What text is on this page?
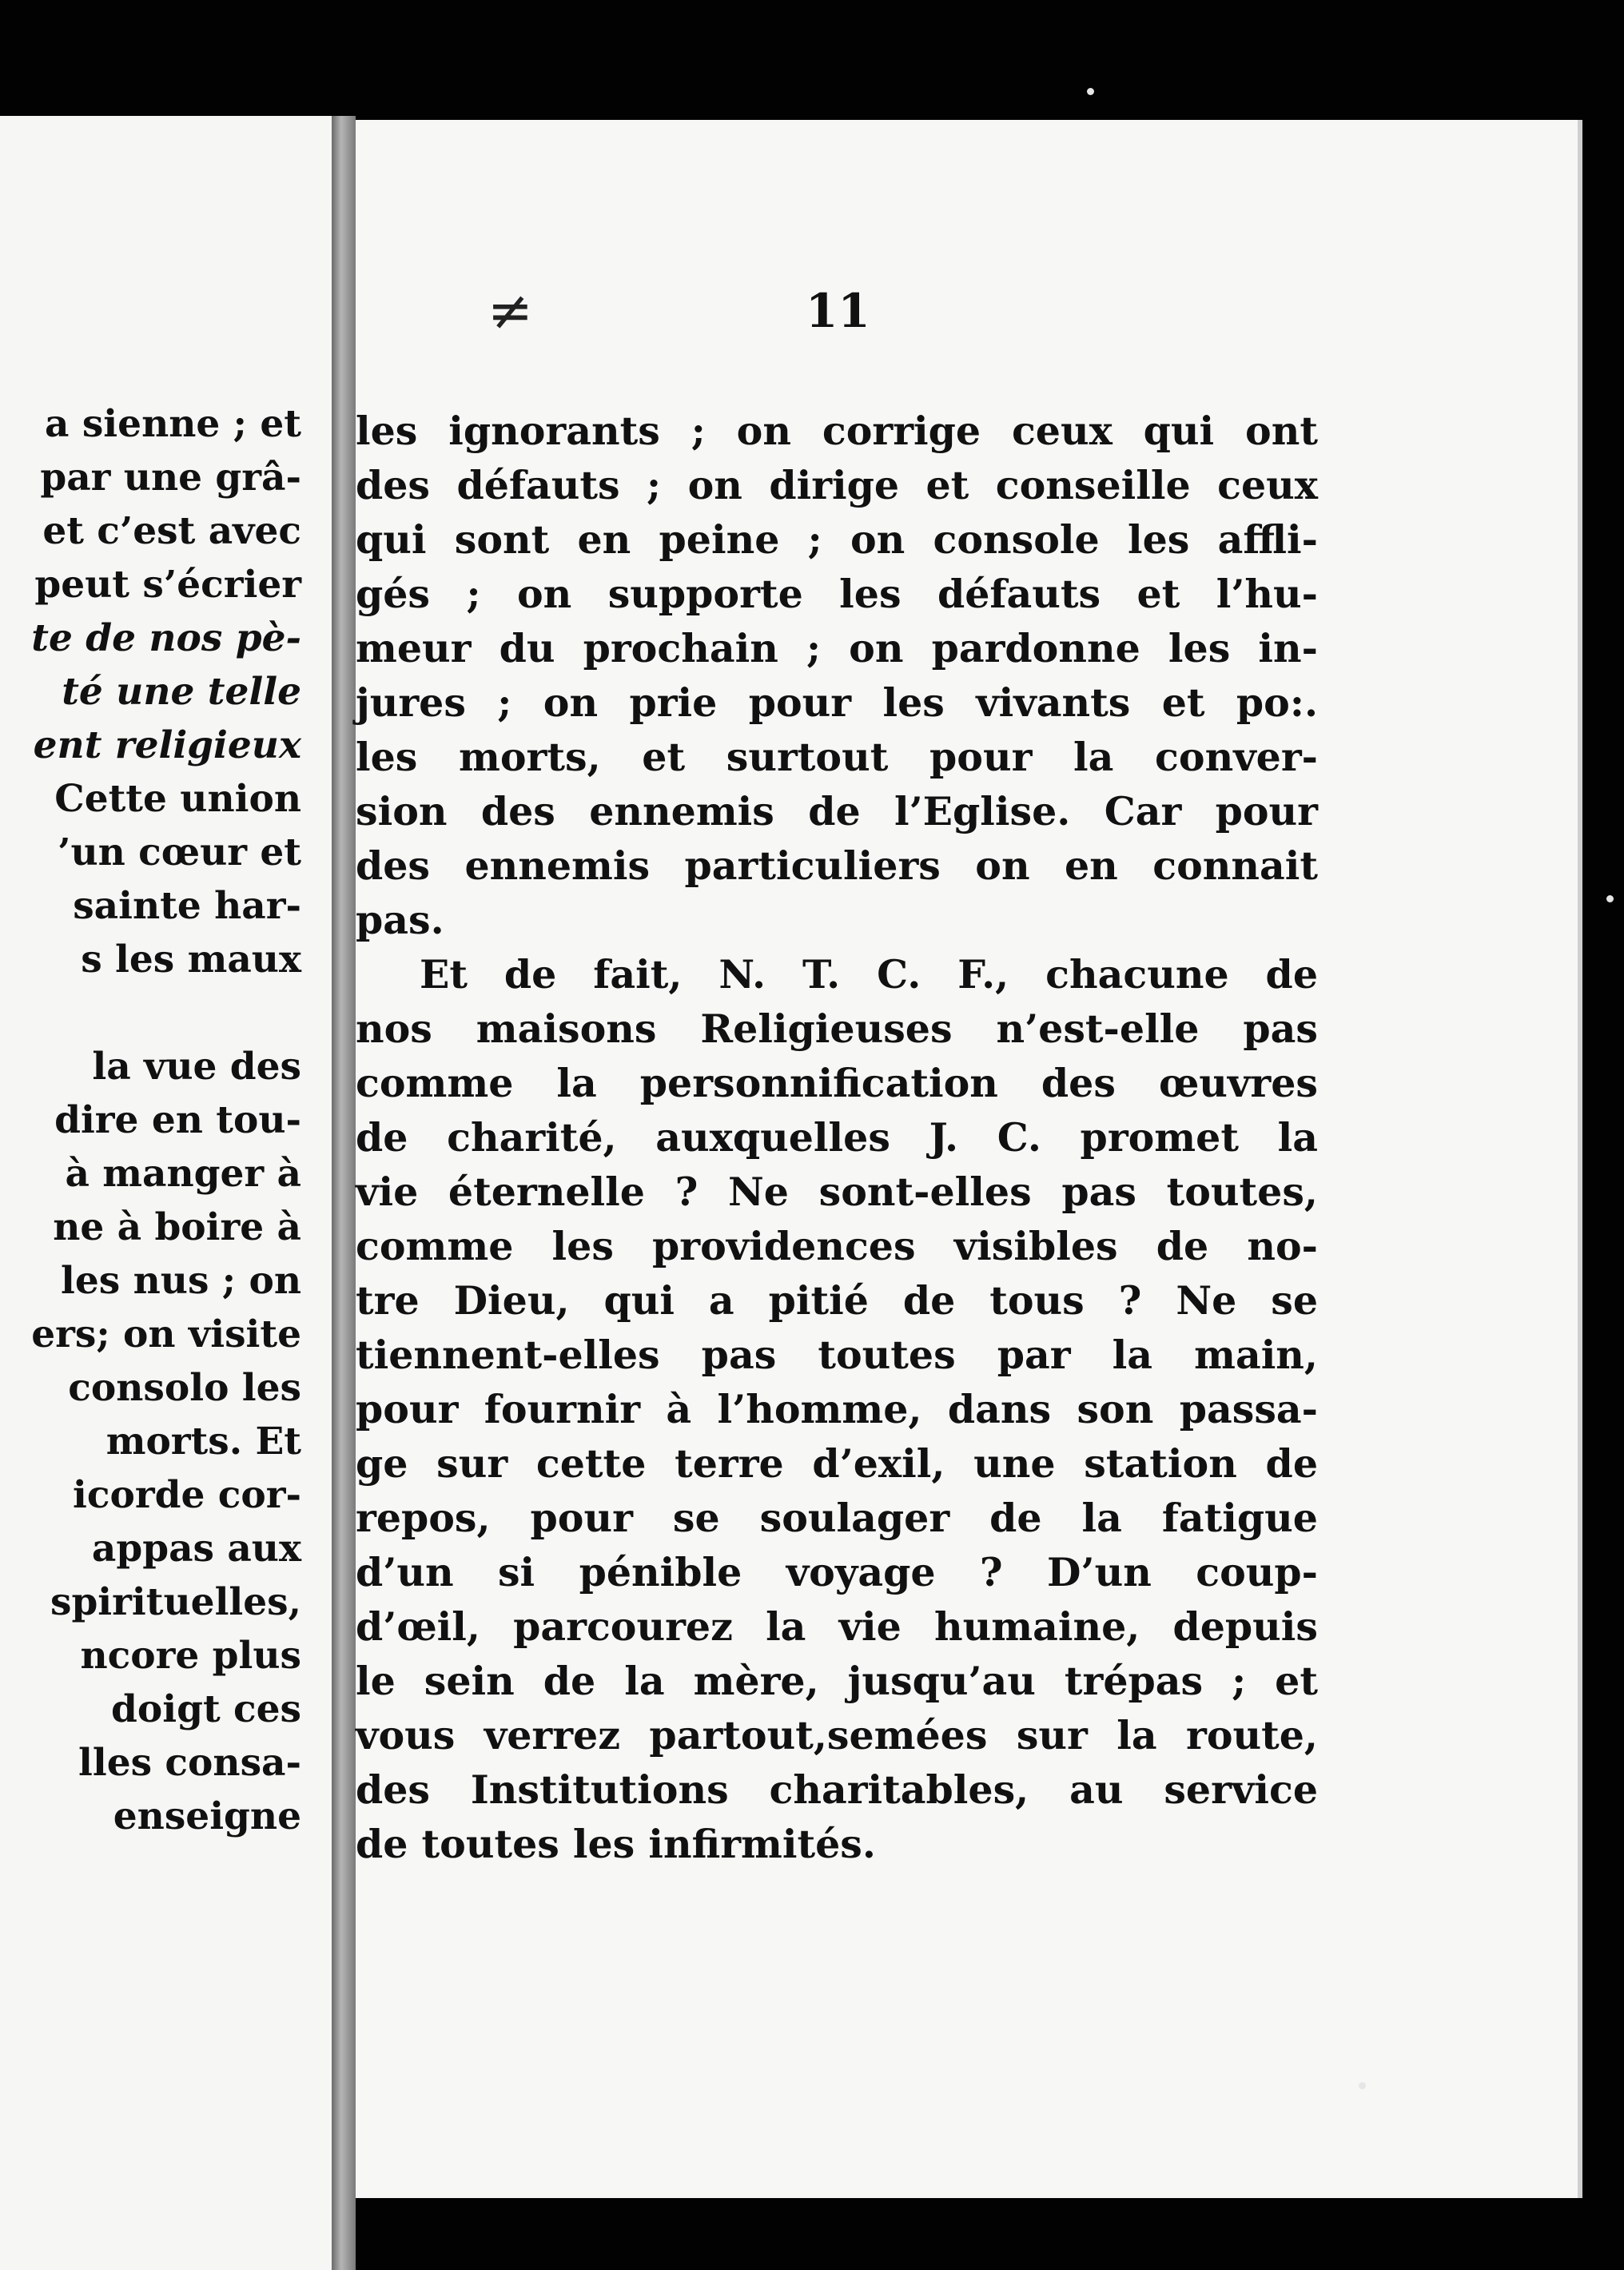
a sienne ; et
par une grâ-
et c’est avec
peut s’écrier
te de nos pè-
té une telle
ent religieux
Cette union
’un cœur et
sainte har-
s les maux
la vue des
dire en tou-
à manger à
ne à boire à
les nus ; on
ers; on visite
consolo les
morts. Et
icorde cor-
appas aux
spirituelles,
ncore plus
doigt ces
lles consa-
enseigne
≠	11
les ignorants ; on corrige ceux qui ont
des défauts ; on dirige et conseille ceux
qui sont en peine ; on console les affli-
gés ; on supporte les défauts et l’hu-
meur du prochain ; on pardonne les in-
jures ; on prie pour les vivants et po:.
les morts, et surtout pour la conver-
sion des ennemis de l’Eglise. Car pour
des ennemis particuliers on en connait
pas.
Et de fait, N. T. C. F., chacune de
nos maisons Religieuses n’est-elle pas
comme la personnification des œuvres
de charité, auxquelles J. C. promet la
vie éternelle ? Ne sont-elles pas toutes,
comme les providences visibles de no-
tre Dieu, qui a pitié de tous ? Ne se
tiennent-elles pas toutes par la main,
pour fournir à l’homme, dans son passa-
ge sur cette terre d’exil, une station de
repos, pour se soulager de la fatigue
d’un si pénible voyage ? D’un coup-
d’œil, parcourez la vie humaine, depuis
le sein de la mère, jusqu’au trépas ; et
vous verrez partout,semées sur la route,
des Institutions charitables, au service
de toutes les infirmités.
